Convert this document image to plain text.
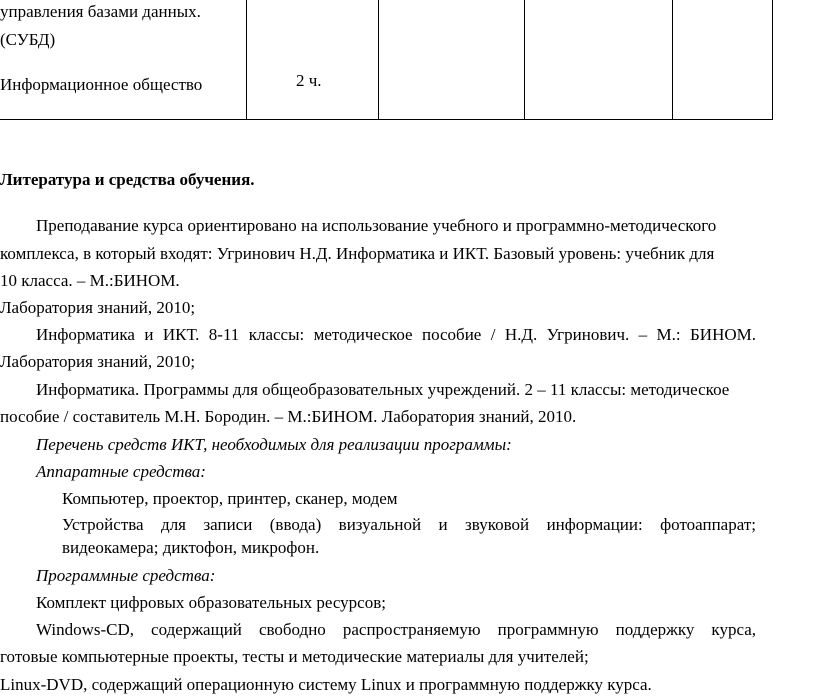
управления базами данных.
(СУБД)
Информационное общество	2 ч.
Литература и средства обучения.
Преподавание курса ориентировано на использование учебного и программно-методического
комплекса, в который входят: Угринович Н.Д. Информатика и ИКТ. Базовый уровень: учебник для
10 класса. – М.:БИНОМ.
Лаборатория знаний, 2010;
Информатика и ИКТ. 8-11 классы: методическое пособие / Н.Д. Угринович. – М.: БИНОМ.
Лаборатория знаний, 2010;
Информатика. Программы для общеобразовательных учреждений. 2 – 11 классы: методическое
пособие / составитель М.Н. Бородин. – М.:БИНОМ. Лаборатория знаний, 2010.
Перечень средств ИКТ, необходимых для реализации программы:
Аппаратные средства:
Компьютер, проектор, принтер, сканер, модем
Устройства для записи (ввода) визуальной и звуковой информации: фотоаппарат;
видеокамера; диктофон, микрофон.
Программные средства:
Комплект цифровых образовательных ресурсов;
Windows-CD, содержащий свободно распространяемую программную поддержку курса,
готовые компьютерные проекты, тесты и методические материалы для учителей;
Linux-DVD, содержащий операционную систему Linux и программную поддержку курса.
